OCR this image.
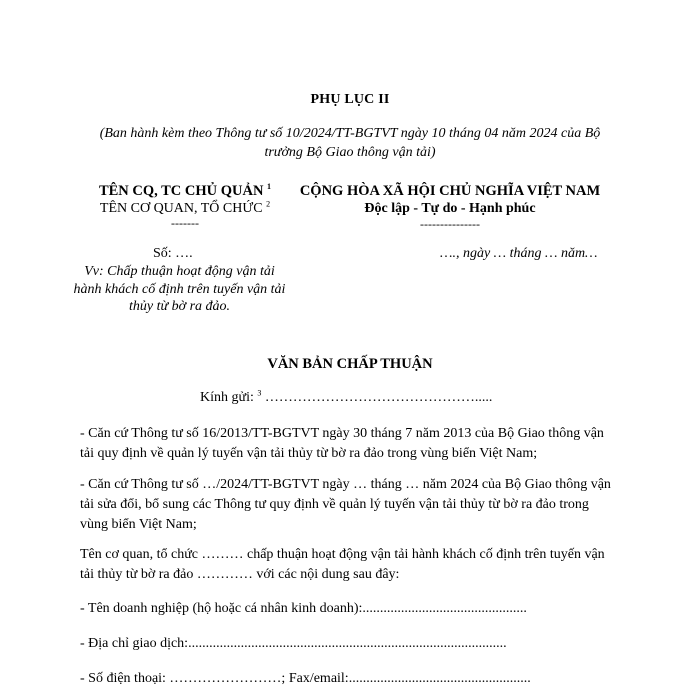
PHỤ LỤC II
(Ban hành kèm theo Thông tư số 10/2024/TT-BGTVT ngày 10 tháng 04 năm 2024 của Bộ trưởng Bộ Giao thông vận tải)
TÊN CQ, TC CHỦ QUẢN $^1$
TÊN CƠ QUAN, TỔ CHỨC $^2$
-------
CỘNG HÒA XÃ HỘI CHỦ NGHĨA VIỆT NAM
Độc lập - Tự do - Hạnh phúc
---------------
Số: ….	…., ngày … tháng … năm…
Vv: Chấp thuận hoạt động vận tải hành khách cố định trên tuyến vận tải thủy từ bờ ra đảo.
VĂN BẢN CHẤP THUẬN
Kính gửi: $^3$ ……………………………………….....
- Căn cứ Thông tư số 16/2013/TT-BGTVT ngày 30 tháng 7 năm 2013 của Bộ Giao thông vận tải quy định về quản lý tuyến vận tải thủy từ bờ ra đảo trong vùng biển Việt Nam;
- Căn cứ Thông tư số …/2024/TT-BGTVT ngày … tháng … năm 2024 của Bộ Giao thông vận tải sửa đổi, bổ sung các Thông tư quy định về quản lý tuyến vận tải thủy từ bờ ra đảo trong vùng biển Việt Nam;
Tên cơ quan, tổ chức ……… chấp thuận hoạt động vận tải hành khách cố định trên tuyến vận tải thủy từ bờ ra đảo ………… với các nội dung sau đây:
- Tên doanh nghiệp (hộ hoặc cá nhân kinh doanh):...............................................
- Địa chỉ giao dịch:...........................................................................................
- Số điện thoại: ……………………; Fax/email:....................................................
